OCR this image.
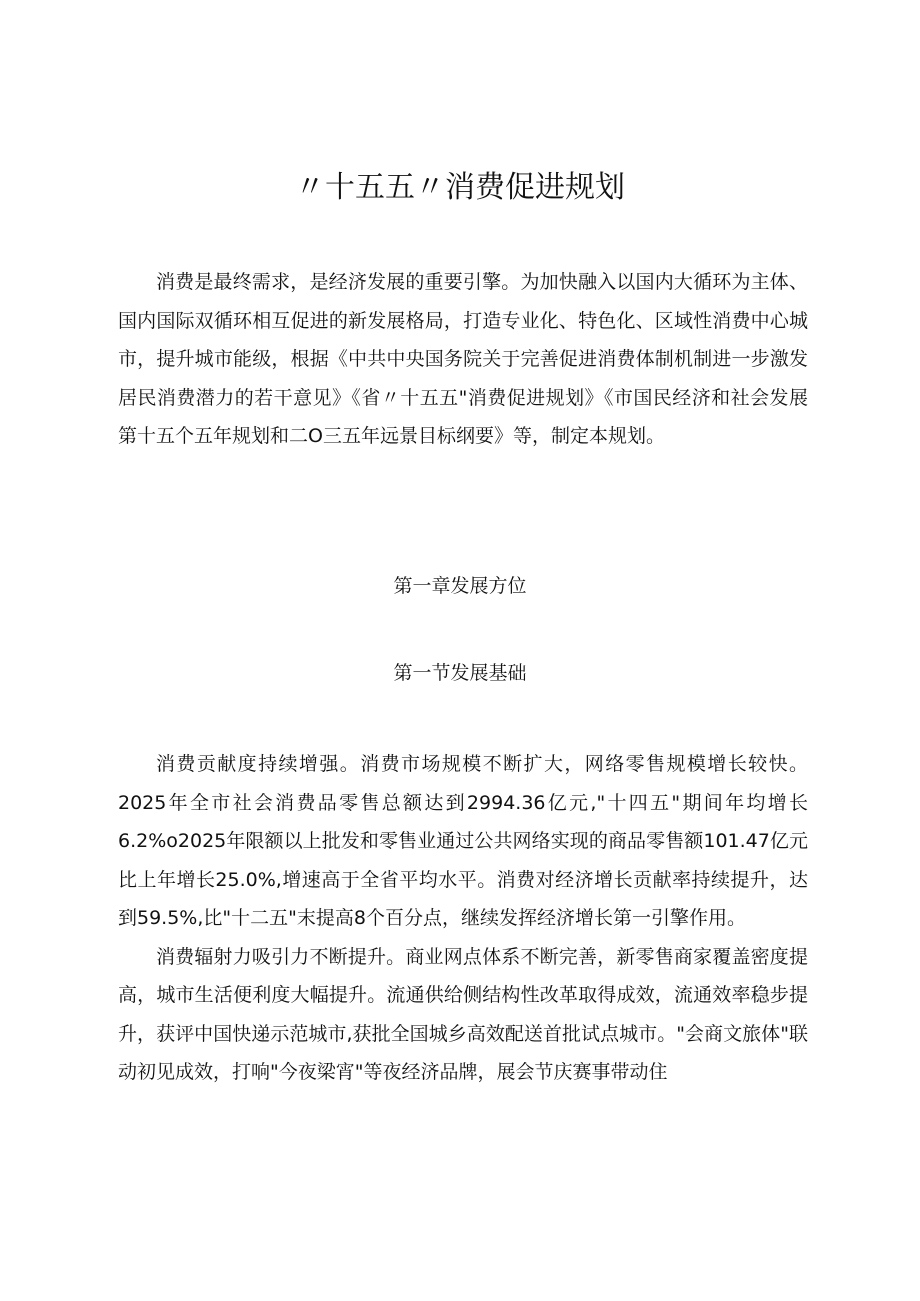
〃十五五〃消费促进规划

消费是最终需求，是经济发展的重要引擎。为加快融入以国内大循环为主体、国内国际双循环相互促进的新发展格局，打造专业化、特色化、区域性消费中心城市，提升城市能级，根据《中共中央国务院关于完善促进消费体制机制进一步激发居民消费潜力的若干意见》《省〃十五五"消费促进规划》《市国民经济和社会发展第十五个五年规划和二O三五年远景目标纲要》等，制定本规划。

第一章发展方位
第一节发展基础

消费贡献度持续增强。消费市场规模不断扩大，网络零售规模增长较快。2025年全市社会消费品零售总额达到2994.36亿元,"十四五"期间年均增长6.2%o2025年限额以上批发和零售业通过公共网络实现的商品零售额101.47亿元比上年增长25.0%,增速高于全省平均水平。消费对经济增长贡献率持续提升，达到59.5%,比"十二五"末提高8个百分点，继续发挥经济增长第一引擎作用。

消费辐射力吸引力不断提升。商业网点体系不断完善，新零售商家覆盖密度提高，城市生活便利度大幅提升。流通供给侧结构性改革取得成效，流通效率稳步提升，获评中国快递示范城市,获批全国城乡高效配送首批试点城市。"会商文旅体"联动初见成效，打响"今夜梁宵"等夜经济品牌，展会节庆赛事带动住
